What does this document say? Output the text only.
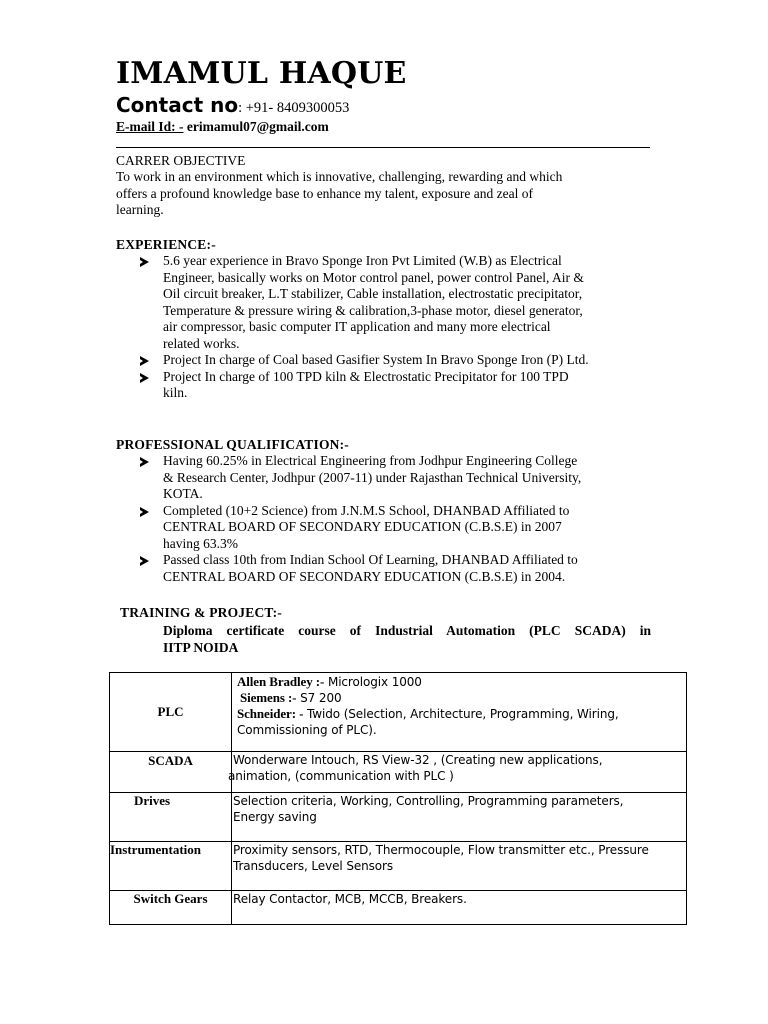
IMAMUL HAQUE
Contact no: +91- 8409300053
E-mail Id: - erimamul07@gmail.com
CARRER OBJECTIVE
To work in an environment which is innovative, challenging, rewarding and which
offers a profound knowledge base to enhance my talent, exposure and zeal of
learning.
EXPERIENCE:-
5.6 year experience in Bravo Sponge Iron Pvt Limited (W.B) as Electrical
Engineer, basically works on Motor control panel, power control Panel, Air &
Oil circuit breaker, L.T stabilizer, Cable installation, electrostatic precipitator,
Temperature & pressure wiring & calibration,3-phase motor, diesel generator,
air compressor, basic computer IT application and many more electrical
related works.
Project In charge of Coal based Gasifier System In Bravo Sponge Iron (P) Ltd.
Project In charge of 100 TPD kiln & Electrostatic Precipitator for 100 TPD
kiln.
PROFESSIONAL QUALIFICATION:-
Having 60.25% in Electrical Engineering from Jodhpur Engineering College
& Research Center, Jodhpur (2007-11) under Rajasthan Technical University,
KOTA.
Completed (10+2 Science) from J.N.M.S School, DHANBAD Affiliated to
CENTRAL BOARD OF SECONDARY EDUCATION (C.B.S.E) in 2007
having 63.3%
Passed class 10th from Indian School Of Learning, DHANBAD Affiliated to
CENTRAL BOARD OF SECONDARY EDUCATION (C.B.S.E) in 2004.
TRAINING & PROJECT:-
Diploma certificate course of Industrial Automation (PLC SCADA) in
IITP NOIDA
PLC	Allen Bradley :- Micrologix 1000
Siemens :- S7 200
Schneider: - Twido (Selection, Architecture, Programming, Wiring,
Commissioning of PLC).

SCADA	Wonderware Intouch, RS View-32 , (Creating new applications,
animation, (communication with PLC )

Drives	Selection criteria, Working, Controlling, Programming parameters,
Energy saving

Instrumentation	Proximity sensors, RTD, Thermocouple, Flow transmitter etc., Pressure
Transducers, Level Sensors

Switch Gears	Relay Contactor, MCB, MCCB, Breakers.
